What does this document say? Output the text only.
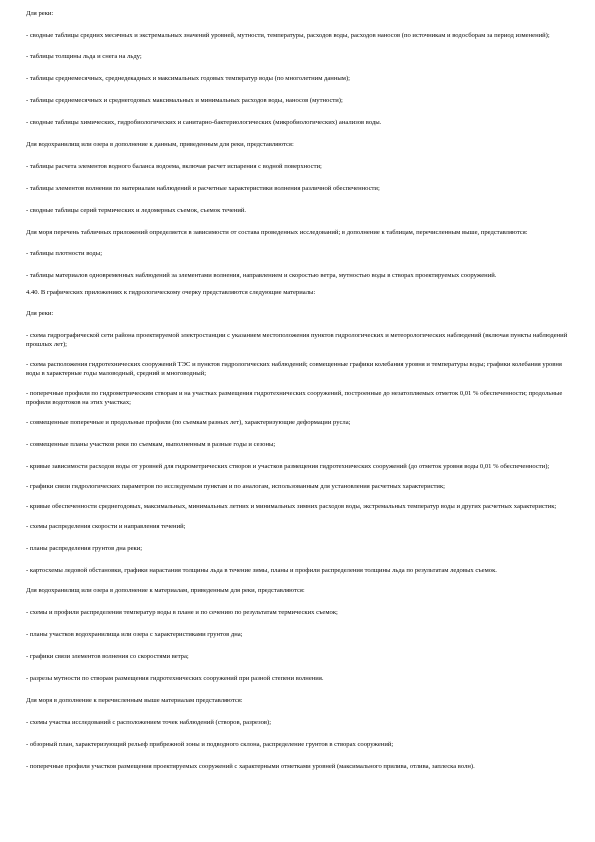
Для реки:
- сводные таблицы средних месячных и экстремальных значений уровней, мутности, температуры, расходов воды, расходов наносов (по источникам и водосборам за период изменений);
- таблицы толщины льда и снега на льду;
- таблицы среднемесячных, среднедекадных и максимальных годовых температур воды (по многолетним данным);
- таблицы среднемесячных и среднегодовых максимальных и минимальных расходов воды, наносов (мутности);
- сводные таблицы химических, гидробиологических и санитарно-бактериологических (микробиологических) анализов воды.
Для водохранилищ или озера в дополнение к данным, приведенным для реки, представляются:
- таблицы расчета элементов водного баланса водоема, включая расчет испарения с водной поверхности;
- таблицы элементов волнения по материалам наблюдений и расчетные характеристики волнения различной обеспеченности;
- сводные таблицы серий термических и ледомерных съемок, съемок течений.
Для моря перечень табличных приложений определяется в зависимости от состава проведенных исследований; в дополнение к таблицам, перечисленным выше, представляются:
- таблицы плотности воды;
- таблицы материалов одновременных наблюдений за элементами волнения, направлением и скоростью ветра, мутностью воды в створах проектируемых сооружений.
4.40. В графических приложениях к гидрологическому очерку представляются следующие материалы:
Для реки:
- схема гидрографической сети района проектируемой электростанции с указанием местоположения пунктов гидрологических и метеорологических наблюдений (включая пункты наблюдений прошлых лет);
- схема расположения гидротехнических сооружений ТЭС и пунктов гидрологических наблюдений; совмещенные графики колебания уровня и температуры воды; графики колебания уровня воды в характерные годы маловодный, средний и многоводный;
- поперечные профили по гидрометрическим створам и на участках размещения гидротехнических сооружений, построенные до незатопляемых отметок 0,01 % обеспеченности; продольные профили водотоков на этих участках;
- совмещенные поперечные и продольные профили (по съемкам разных лет), характеризующие деформации русла;
- совмещенные планы участков реки по съемкам, выполненным в разные годы и сезоны;
- кривые зависимости расходов воды от уровней для гидрометрических створов и участков размещения гидротехнических сооружений (до отметок уровня воды 0,01 % обеспеченности);
- графики связи гидрологических параметров по исследуемым пунктам и по аналогам, использованным для установления расчетных характеристик;
- кривые обеспеченности среднегодовых, максимальных, минимальных летних и минимальных зимних расходов воды, экстремальных температур воды и других расчетных характеристик;
- схемы распределения скорости и направления течений;
- планы распределения грунтов дна реки;
- картосхемы ледовой обстановки, графики нарастания толщины льда в течение зимы, планы и профили распределения толщины льда по результатам ледовых съемок.
Для водохранилищ или озера в дополнение к материалам, приведенным для реки, представляются:
- схемы и профили распределения температур воды в плане и по сечению по результатам термических съемок;
- планы участков водохранилища или озера с характеристиками грунтов дна;
- графики связи элементов волнения со скоростями ветра;
- разрезы мутности по створам размещения гидротехнических сооружений при разной степени волнения.
Для моря в дополнение к перечисленным выше материалам представляются:
- схемы участка исследований с расположением точек наблюдений (створов, разрезов);
- обзорный план, характеризующий рельеф прибрежной зоны и подводного склона, распределение грунтов в створах сооружений;
- поперечные профили участков размещения проектируемых сооружений с характерными отметками уровней (максимального прилива, отлива, заплеска волн).
